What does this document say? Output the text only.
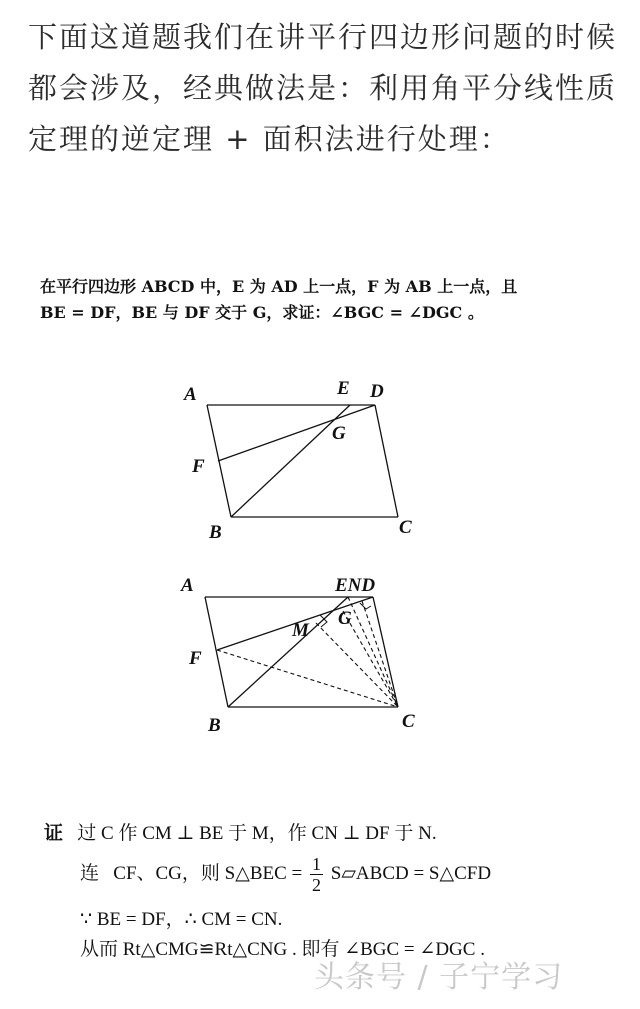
下面这道题我们在讲平行四边形问题的时候都会涉及，经典做法是：利用角平分线性质定理的逆定理 + 面积法进行处理：
在平行四边形 ABCD 中，E 为 AD 上一点，F 为 AB 上一点，且
BE = DF，BE 与 DF 交于 G，求证：∠BGC = ∠DGC 。
A	E D
G
F
B	C
A	END
M
G
F
B	C
证 过 C 作 CM ⊥ BE 于 M，作 CN ⊥ DF 于 N.
连 CF、CG，则 S△BEC = $\frac{1}{2}$ S▱ABCD = S△CFD
∵ BE = DF，∴ CM = CN.
从而 Rt△CMG≌Rt△CNG . 即有 ∠BGC = ∠DGC .
头条号 / 子宁学习
